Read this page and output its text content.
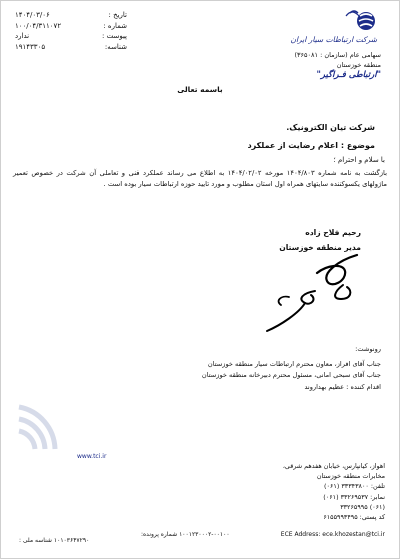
تاریخ :
۱۴۰۴/۰۳/۰۶
شماره :
۱۰۰/۰۴/۳۱۱۰۷۲
پیوست :
ندارد
شناسه:
۱۹۱۴۳۳۰۵
شرکت ارتباطات سیار ایران
سهامی عام (سازمان : ۳۶۵۰۸۱)
منطقه خوزستان
"ارتباطی فـراگیر"
باسمه تعالی
شرکت تیان الکترونیک.
موضوع : اعلام رضایت از عملکرد
با سلام و احترام ؛
بازگشت به نامه شماره ۱۴۰۴/۸۰۳ مورخه ۱۴۰۴/۰۲/۰۲ به اطلاع می رساند عملکرد فنی و تعاملی آن شرکت در خصوص تعمیر ماژولهای یکسوکننده سایتهای همراه اول استان مطلوب و مورد تایید حوزه ارتباطات سیار بوده است .
رحیم فلاح زاده
مدیر منطقه خوزستان
رونوشت:
جناب آقای افراز، معاون محترم ارتباطات سیار منطقه خوزستان
جناب آقای سبحی امانی، مسئول محترم دبیرخانه منطقه خوزستان
اقدام کننده : عظیم بهداروند
www.tci.ir
اهواز، کیانپارس، خیابان هفدهم شرقی،
مخابرات منطقه خوزستان
تلفن: ۳۳۳۴۳۸۰۰ (۰۶۱)
نمابر: ۳۳۲۶۹۵۳۷ (۰۶۱)
(۰۶۱) ۳۳۲۶۵۹۹۵
کد پستی: ۶۱۵۵۹۹۳۴۹۵
۱۰۱۰۳۶۴۷۲۹۰ شناسه ملی :
۱۰۰۱۲۳۰۰۰۲-۰۰۱۰۰ شماره پرونده:	ECE Address: ece.khozestan@tci.ir
